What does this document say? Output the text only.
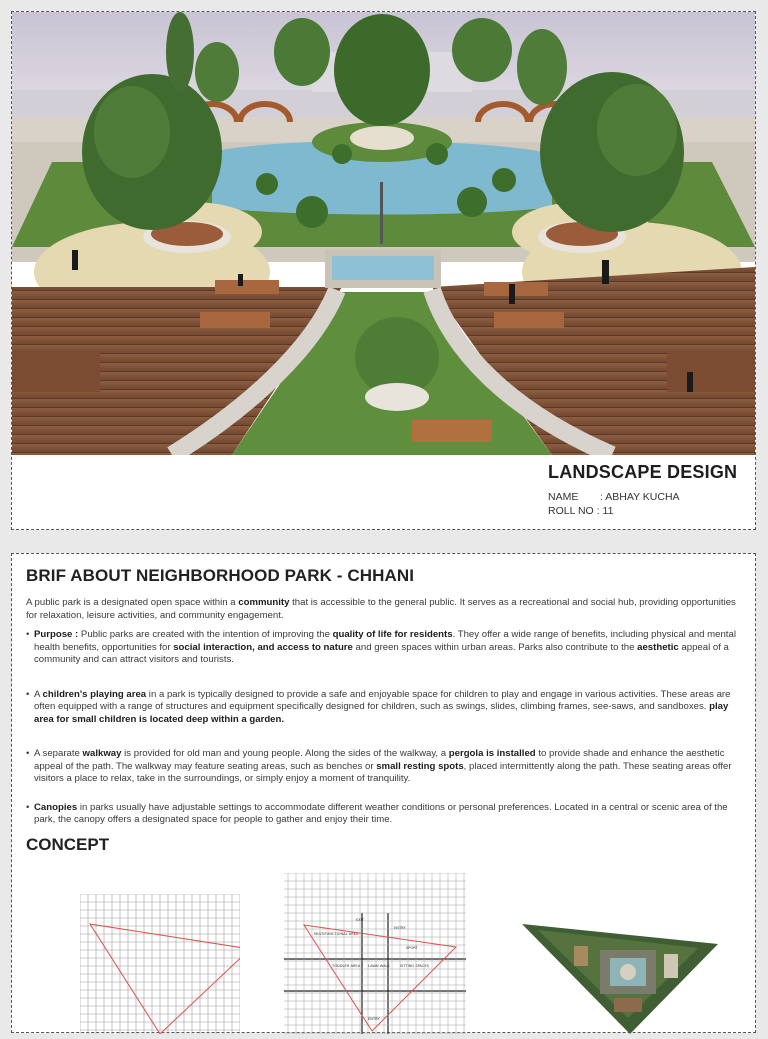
LANDSCAPE DESIGN
NAME	: ABHAY KUCHA
ROLL NO : 11
BRIF ABOUT NEIGHBORHOOD PARK - CHHANI

A public park is a designated open space within a community that is accessible to the general public. It serves as a recreational and social hub, providing opportunities for relaxation, leisure activities, and community engagement.

• Purpose : Public parks are created with the intention of improving the quality of life for residents. They offer a wide range of benefits, including physical and mental health benefits, opportunities for social interaction, and access to nature and green spaces within urban areas. Parks also contribute to the aesthetic appeal of a community and can attract visitors and tourists.
• A children's playing area in a park is typically designed to provide a safe and enjoyable space for children to play and engage in various activities. These areas are often equipped with a range of structures and equipment specifically designed for children, such as swings, slides, climbing frames, see-saws, and sandboxes. play area for small children is located deep within a garden.
• A separate walkway is provided for old man and young people. Along the sides of the walkway, a pergola is installed to provide shade and enhance the aesthetic appeal of the path. The walkway may feature seating areas, such as benches or small resting spots, placed intermittently along the path. These seating areas offer visitors a place to relax, take in the surroundings, or simply enjoy a moment of tranquility.
• Canopies in parks usually have adjustable settings to accommodate different weather conditions or personal preferences. Located in a central or scenic area of the park, the canopy offers a designated space for people to gather and enjoy their time.
CONCEPT
EXIT
ENTRY
MULTIFUNCTIONAL AREA
SPORT
TODDLER AREA LAWN WALK	SITTING SPACES
ENTRY
